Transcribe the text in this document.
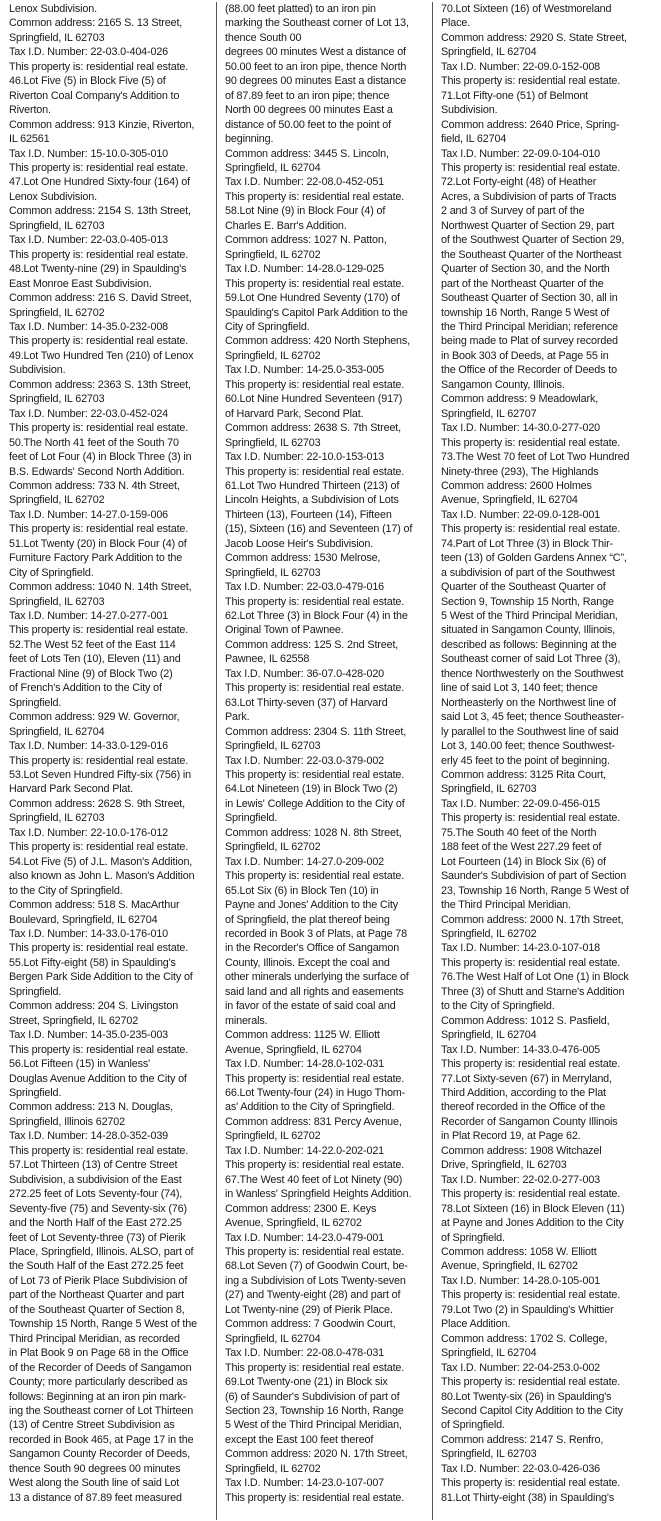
Lenox Subdivision.
Common address: 2165 S. 13 Street,
Springfield, IL 62703
Tax I.D. Number: 22-03.0-404-026
This property is: residential real estate.
46.Lot Five (5) in Block Five (5) of
Riverton Coal Company's Addition to
Riverton.
Common address: 913 Kinzie, Riverton,
IL 62561
Tax I.D. Number: 15-10.0-305-010
This property is: residential real estate.
47.Lot One Hundred Sixty-four (164) of
Lenox Subdivision.
Common address: 2154 S. 13th Street,
Springfield, IL 62703
Tax I.D. Number: 22-03.0-405-013
This property is: residential real estate.
48.Lot Twenty-nine (29) in Spaulding's
East Monroe East Subdivision.
Common address: 216 S. David Street,
Springfield, IL 62702
Tax I.D. Number: 14-35.0-232-008
This property is: residential real estate.
49.Lot Two Hundred Ten (210) of Lenox
Subdivision.
Common address: 2363 S. 13th Street,
Springfield, IL 62703
Tax I.D. Number: 22-03.0-452-024
This property is: residential real estate.
50.The North 41 feet of the South 70
feet of Lot Four (4) in Block Three (3) in
B.S. Edwards' Second North Addition.
Common address: 733 N. 4th Street,
Springfield, IL 62702
Tax I.D. Number: 14-27.0-159-006
This property is: residential real estate.
51.Lot Twenty (20) in Block Four (4) of
Furniture Factory Park Addition to the
City of Springfield.
Common address: 1040 N. 14th Street,
Springfield, IL 62703
Tax I.D. Number: 14-27.0-277-001
This property is: residential real estate.
52.The West 52 feet of the East 114
feet of Lots Ten (10), Eleven (11) and
Fractional Nine (9) of Block Two (2)
of French's Addition to the City of
Springfield.
Common address: 929 W. Governor,
Springfield, IL 62704
Tax I.D. Number: 14-33.0-129-016
This property is: residential real estate.
53.Lot Seven Hundred Fifty-six (756) in
Harvard Park Second Plat.
Common address: 2628 S. 9th Street,
Springfield, IL 62703
Tax I.D. Number: 22-10.0-176-012
This property is: residential real estate.
54.Lot Five (5) of J.L. Mason's Addition,
also known as John L. Mason's Addition
to the City of Springfield.
Common address: 518 S. MacArthur
Boulevard, Springfield, IL 62704
Tax I.D. Number: 14-33.0-176-010
This property is: residential real estate.
55.Lot Fifty-eight (58) in Spaulding's
Bergen Park Side Addition to the City of
Springfield.
Common address: 204 S. Livingston
Street, Springfield, IL 62702
Tax I.D. Number: 14-35.0-235-003
This property is: residential real estate.
56.Lot Fifteen (15) in Wanless'
Douglas Avenue Addition to the City of
Springfield.
Common address: 213 N. Douglas,
Springfield, Illinois 62702
Tax I.D. Number: 14-28.0-352-039
This property is: residential real estate.
57.Lot Thirteen (13) of Centre Street
Subdivision, a subdivision of the East
272.25 feet of Lots Seventy-four (74),
Seventy-five (75) and Seventy-six (76)
and the North Half of the East 272.25
feet of Lot Seventy-three (73) of Pierik
Place, Springfield, Illinois. ALSO, part of
the South Half of the East 272.25 feet
of Lot 73 of Pierik Place Subdivision of
part of the Northeast Quarter and part
of the Southeast Quarter of Section 8,
Township 15 North, Range 5 West of the
Third Principal Meridian, as recorded
in Plat Book 9 on Page 68 in the Office
of the Recorder of Deeds of Sangamon
County; more particularly described as
follows: Beginning at an iron pin mark-
ing the Southeast corner of Lot Thirteen
(13) of Centre Street Subdivision as
recorded in Book 465, at Page 17 in the
Sangamon County Recorder of Deeds,
thence South 90 degrees 00 minutes
West along the South line of said Lot
13 a distance of 87.89 feet measured

(88.00 feet platted) to an iron pin
marking the Southeast corner of Lot 13,
thence South 00
degrees 00 minutes West a distance of
50.00 feet to an iron pipe, thence North
90 degrees 00 minutes East a distance
of 87.89 feet to an iron pipe; thence
North 00 degrees 00 minutes East a
distance of 50.00 feet to the point of
beginning.
Common address: 3445 S. Lincoln,
Springfield, IL 62704
Tax I.D. Number: 22-08.0-452-051
This property is: residential real estate.
58.Lot Nine (9) in Block Four (4) of
Charles E. Barr's Addition.
Common address: 1027 N. Patton,
Springfield, IL 62702
Tax I.D. Number: 14-28.0-129-025
This property is: residential real estate.
59.Lot One Hundred Seventy (170) of
Spaulding's Capitol Park Addition to the
City of Springfield.
Common address: 420 North Stephens,
Springfield, IL 62702
Tax I.D. Number: 14-25.0-353-005
This property is: residential real estate.
60.Lot Nine Hundred Seventeen (917)
of Harvard Park, Second Plat.
Common address: 2638 S. 7th Street,
Springfield, IL 62703
Tax I.D. Number: 22-10.0-153-013
This property is: residential real estate.
61.Lot Two Hundred Thirteen (213) of
Lincoln Heights, a Subdivision of Lots
Thirteen (13), Fourteen (14), Fifteen
(15), Sixteen (16) and Seventeen (17) of
Jacob Loose Heir's Subdivision.
Common address: 1530 Melrose,
Springfield, IL 62703
Tax I.D. Number: 22-03.0-479-016
This property is: residential real estate.
62.Lot Three (3) in Block Four (4) in the
Original Town of Pawnee.
Common address: 125 S. 2nd Street,
Pawnee, IL 62558
Tax I.D. Number: 36-07.0-428-020
This property is: residential real estate.
63.Lot Thirty-seven (37) of Harvard
Park.
Common address: 2304 S. 11th Street,
Springfield, IL 62703
Tax I.D. Number: 22-03.0-379-002
This property is: residential real estate.
64.Lot Nineteen (19) in Block Two (2)
in Lewis' College Addition to the City of
Springfield.
Common address: 1028 N. 8th Street,
Springfield, IL 62702
Tax I.D. Number: 14-27.0-209-002
This property is: residential real estate.
65.Lot Six (6) in Block Ten (10) in
Payne and Jones' Addition to the City
of Springfield, the plat thereof being
recorded in Book 3 of Plats, at Page 78
in the Recorder's Office of Sangamon
County, Illinois. Except the coal and
other minerals underlying the surface of
said land and all rights and easements
in favor of the estate of said coal and
minerals.
Common address: 1125 W. Elliott
Avenue, Springfield, IL 62704
Tax I.D. Number: 14-28.0-102-031
This property is: residential real estate.
66.Lot Twenty-four (24) in Hugo Thom-
as' Addition to the City of Springfield.
Common address: 831 Percy Avenue,
Springfield, IL 62702
Tax I.D. Number: 14-22.0-202-021
This property is: residential real estate.
67.The West 40 feet of Lot Ninety (90)
in Wanless' Springfield Heights Addition.
Common address: 2300 E. Keys
Avenue, Springfield, IL 62702
Tax I.D. Number: 14-23.0-479-001
This property is: residential real estate.
68.Lot Seven (7) of Goodwin Court, be-
ing a Subdivision of Lots Twenty-seven
(27) and Twenty-eight (28) and part of
Lot Twenty-nine (29) of Pierik Place.
Common address: 7 Goodwin Court,
Springfield, IL 62704
Tax I.D. Number: 22-08.0-478-031
This property is: residential real estate.
69.Lot Twenty-one (21) in Block six
(6) of Saunder's Subdivision of part of
Section 23, Township 16 North, Range
5 West of the Third Principal Meridian,
except the East 100 feet thereof
Common address: 2020 N. 17th Street,
Springfield, IL 62702
Tax I.D. Number: 14-23.0-107-007
This property is: residential real estate.

70.Lot Sixteen (16) of Westmoreland
Place.
Common address: 2920 S. State Street,
Springfield, IL 62704
Tax I.D. Number: 22-09.0-152-008
This property is: residential real estate.
71.Lot Fifty-one (51) of Belmont
Subdivision.
Common address: 2640 Price, Spring-
field, IL 62704
Tax I.D. Number: 22-09.0-104-010
This property is: residential real estate.
72.Lot Forty-eight (48) of Heather
Acres, a Subdivision of parts of Tracts
2 and 3 of Survey of part of the
Northwest Quarter of Section 29, part
of the Southwest Quarter of Section 29,
the Southeast Quarter of the Northeast
Quarter of Section 30, and the North
part of the Northeast Quarter of the
Southeast Quarter of Section 30, all in
township 16 North, Range 5 West of
the Third Principal Meridian; reference
being made to Plat of survey recorded
in Book 303 of Deeds, at Page 55 in
the Office of the Recorder of Deeds to
Sangamon County, Illinois.
Common address: 9 Meadowlark,
Springfield, IL 62707
Tax I.D. Number: 14-30.0-277-020
This property is: residential real estate.
73.The West 70 feet of Lot Two Hundred
Ninety-three (293), The Highlands
Common address: 2600 Holmes
Avenue, Springfield, IL 62704
Tax I.D. Number: 22-09.0-128-001
This property is: residential real estate.
74.Part of Lot Three (3) in Block Thir-
teen (13) of Golden Gardens Annex “C”,
a subdivision of part of the Southwest
Quarter of the Southeast Quarter of
Section 9, Township 15 North, Range
5 West of the Third Principal Meridian,
situated in Sangamon County, Illinois,
described as follows: Beginning at the
Southeast corner of said Lot Three (3),
thence Northwesterly on the Southwest
line of said Lot 3, 140 feet; thence
Northeasterly on the Northwest line of
said Lot 3, 45 feet; thence Southeaster-
ly parallel to the Southwest line of said
Lot 3, 140.00 feet; thence Southwest-
erly 45 feet to the point of beginning.
Common address: 3125 Rita Court,
Springfield, IL 62703
Tax I.D. Number: 22-09.0-456-015
This property is: residential real estate.
75.The South 40 feet of the North
188 feet of the West 227.29 feet of
Lot Fourteen (14) in Block Six (6) of
Saunder's Subdivision of part of Section
23, Township 16 North, Range 5 West of
the Third Principal Meridian.
Common address: 2000 N. 17th Street,
Springfield, IL 62702
Tax I.D. Number: 14-23.0-107-018
This property is: residential real estate.
76.The West Half of Lot One (1) in Block
Three (3) of Shutt and Starne's Addition
to the City of Springfield.
Common Address: 1012 S. Pasfield,
Springfield, IL 62704
Tax I.D. Number: 14-33.0-476-005
This property is: residential real estate.
77.Lot Sixty-seven (67) in Merryland,
Third Addition, according to the Plat
thereof recorded in the Office of the
Recorder of Sangamon County Illinois
in Plat Record 19, at Page 62.
Common address: 1908 Witchazel
Drive, Springfield, IL 62703
Tax I.D. Number: 22-02.0-277-003
This property is: residential real estate.
78.Lot Sixteen (16) in Block Eleven (11)
at Payne and Jones Addition to the City
of Springfield.
Common address: 1058 W. Elliott
Avenue, Springfield, IL 62702
Tax I.D. Number: 14-28.0-105-001
This property is: residential real estate.
79.Lot Two (2) in Spaulding's Whittier
Place Addition.
Common address: 1702 S. College,
Springfield, IL 62704
Tax I.D. Number: 22-04-253.0-002
This property is: residential real estate.
80.Lot Twenty-six (26) in Spaulding's
Second Capitol City Addition to the City
of Springfield.
Common address: 2147 S. Renfro,
Springfield, IL 62703
Tax I.D. Number: 22-03.0-426-036
This property is: residential real estate.
81.Lot Thirty-eight (38) in Spaulding's
